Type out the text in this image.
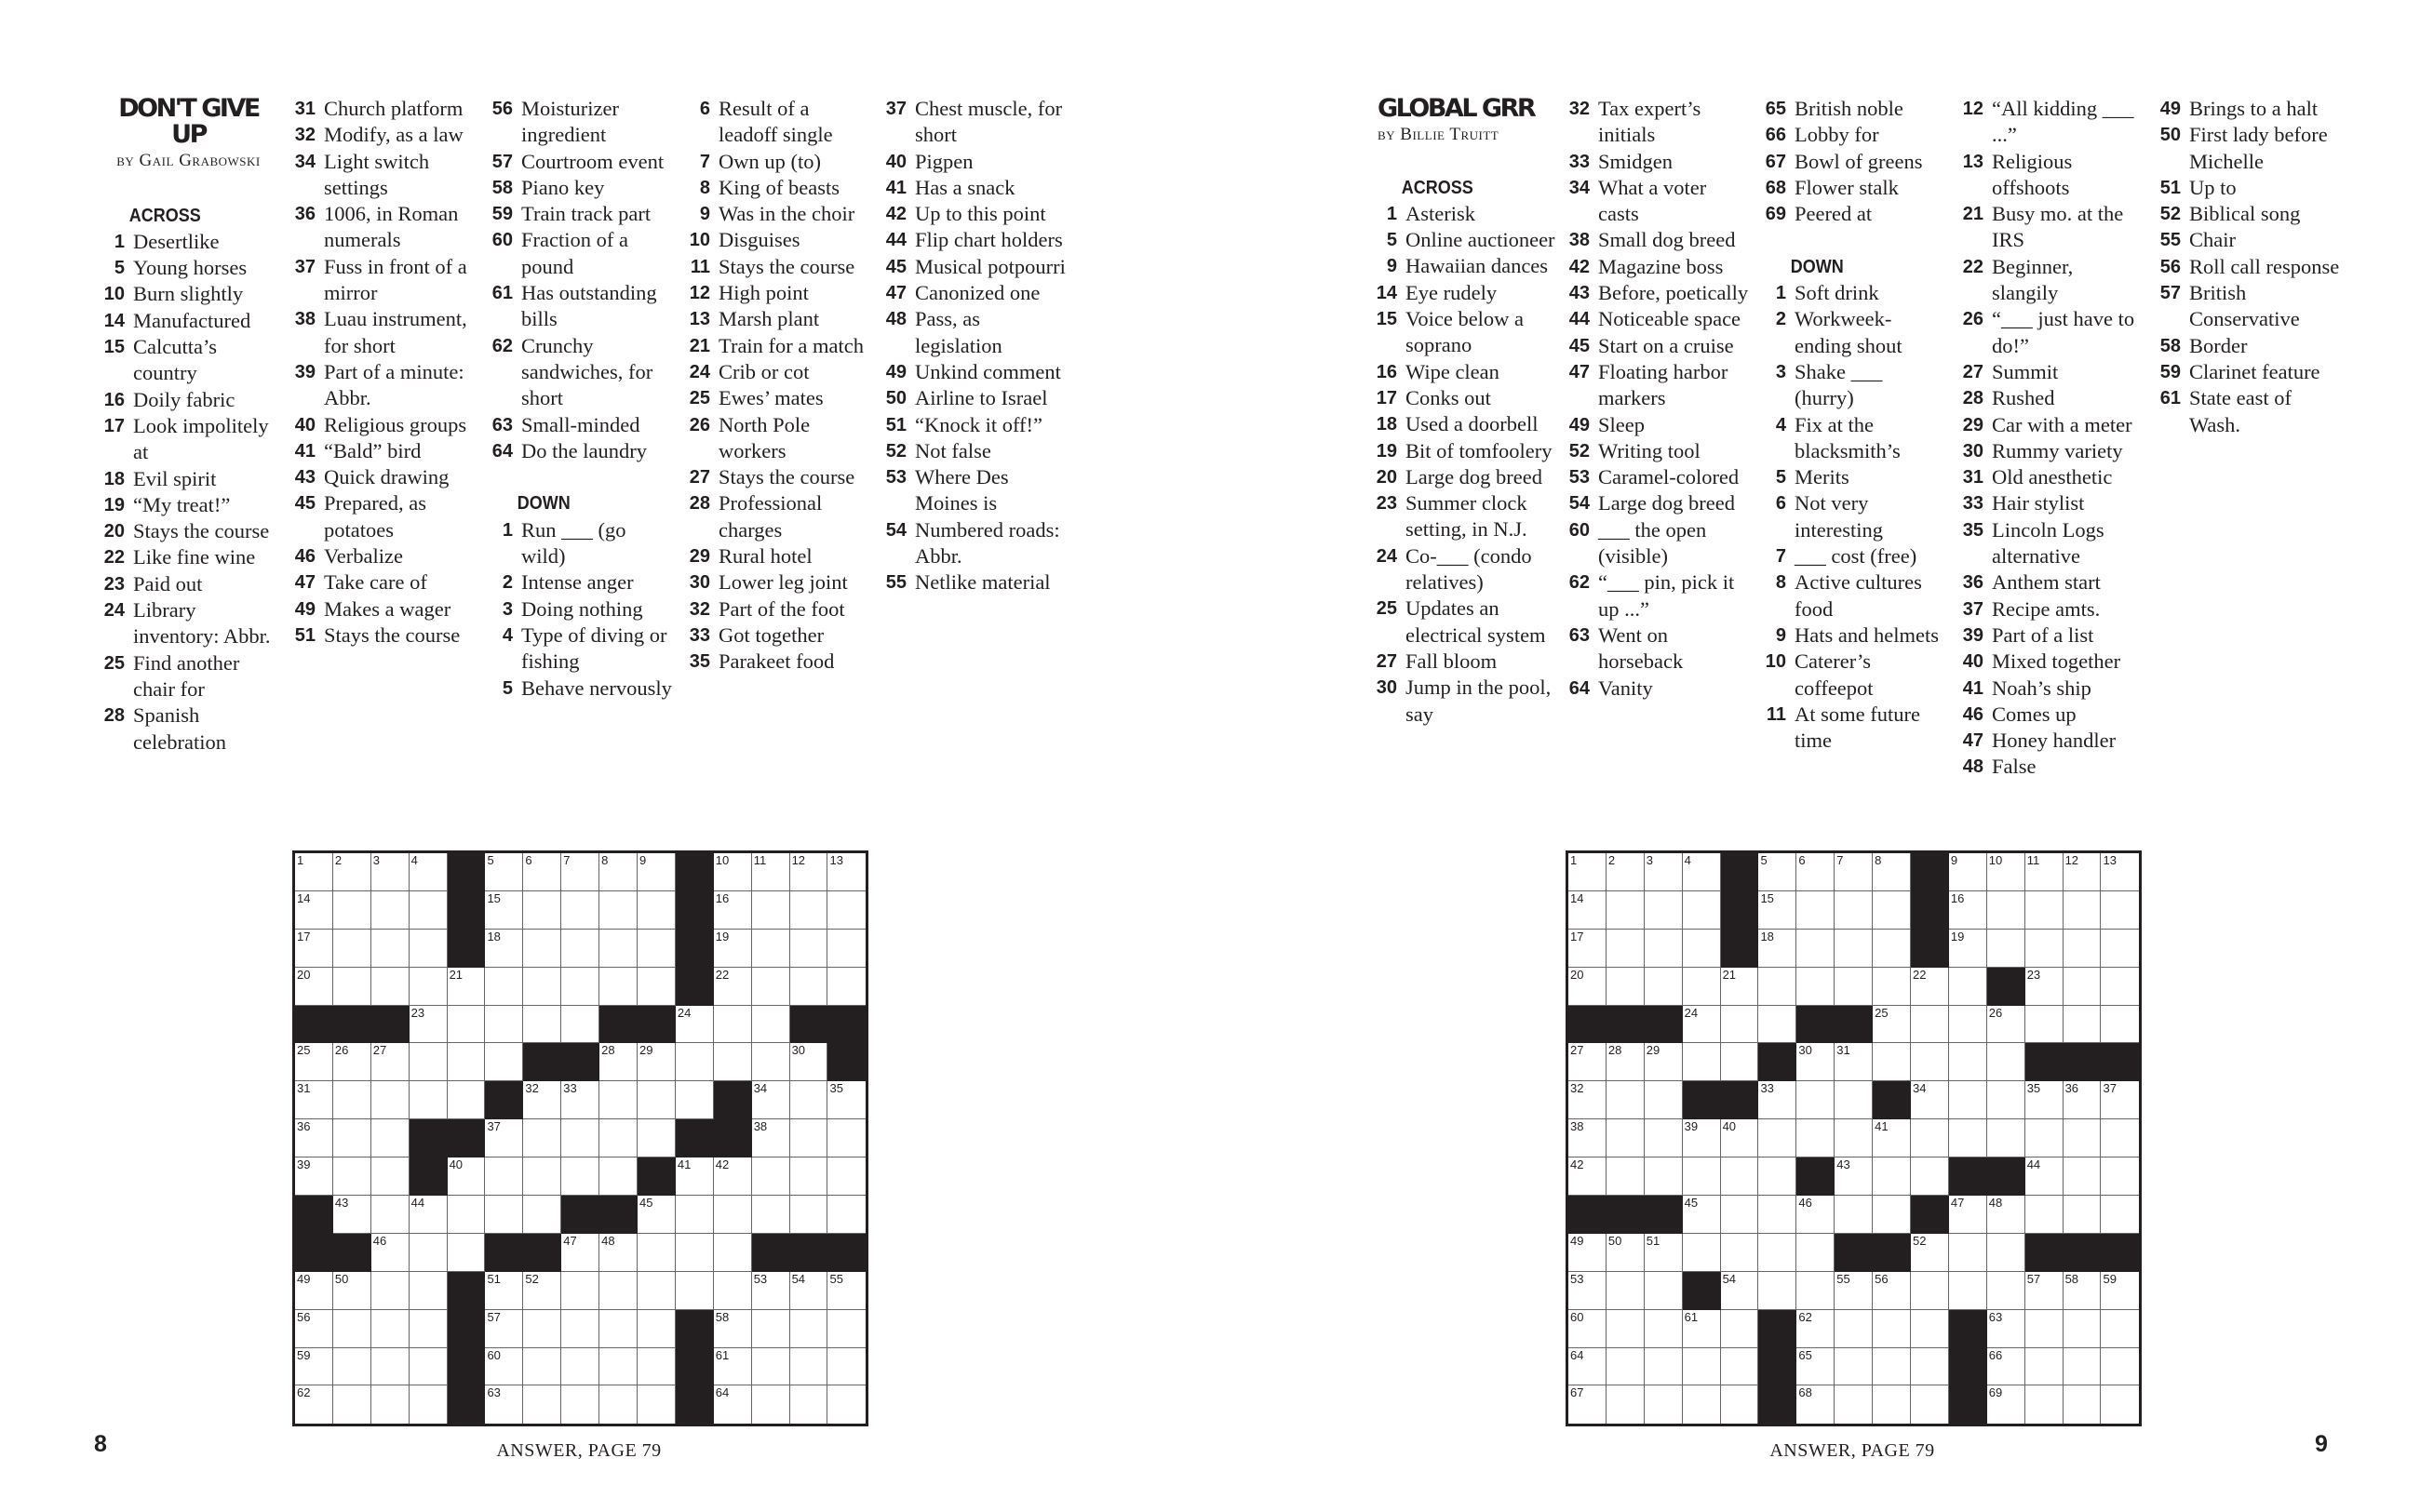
DON'T GIVE UP
by Gail Grabowski
ACROSS
1 Desertlike
5 Young horses
10 Burn slightly
14 Manufactured
15 Calcutta’s country
16 Doily fabric
17 Look impolitely at
18 Evil spirit
19 “My treat!”
20 Stays the course
22 Like fine wine
23 Paid out
24 Library inventory: Abbr.
25 Find another chair for
28 Spanish celebration
31 Church platform
32 Modify, as a law
34 Light switch settings
36 1006, in Roman numerals
37 Fuss in front of a mirror
38 Luau instrument, for short
39 Part of a minute: Abbr.
40 Religious groups
41 “Bald” bird
43 Quick drawing
45 Prepared, as potatoes
46 Verbalize
47 Take care of
49 Makes a wager
51 Stays the course
56 Moisturizer ingredient
57 Courtroom event
58 Piano key
59 Train track part
60 Fraction of a pound
61 Has outstanding bills
62 Crunchy sandwiches, for short
63 Small-minded
64 Do the laundry
DOWN
1 Run ___ (go wild)
2 Intense anger
3 Doing nothing
4 Type of diving or fishing
5 Behave nervously
6 Result of a leadoff single
7 Own up (to)
8 King of beasts
9 Was in the choir
10 Disguises
11 Stays the course
12 High point
13 Marsh plant
21 Train for a match
24 Crib or cot
25 Ewes’ mates
26 North Pole workers
27 Stays the course
28 Professional charges
29 Rural hotel
30 Lower leg joint
32 Part of the foot
33 Got together
35 Parakeet food
37 Chest muscle, for short
40 Pigpen
41 Has a snack
42 Up to this point
44 Flip chart holders
45 Musical potpourri
47 Canonized one
48 Pass, as legislation
49 Unkind comment
50 Airline to Israel
51 “Knock it off!”
52 Not false
53 Where Des Moines is
54 Numbered roads: Abbr.
55 Netlike material
1	2	3	4	5	6	7	8	9	10 11 12 13
14	15	16
17	18	19
20	21	22
23	24
25 26 27	28 29	30
31	32 33	34	35
36	37	38
39	40	41 42
43	44	45
46	47 48
49 50	51 52	53 54 55
56	57	58
59	60	61
62	63	64
8	ANSWER, PAGE 79
GLOBAL GRR
by Billie Truitt
ACROSS
1 Asterisk
5 Online auctioneer
9 Hawaiian dances
14 Eye rudely
15 Voice below a soprano
16 Wipe clean
17 Conks out
18 Used a doorbell
19 Bit of tomfoolery
20 Large dog breed
23 Summer clock setting, in N.J.
24 Co-___ (condo relatives)
25 Updates an electrical system
27 Fall bloom
30 Jump in the pool, say
32 Tax expert’s initials
33 Smidgen
34 What a voter casts
38 Small dog breed
42 Magazine boss
43 Before, poetically
44 Noticeable space
45 Start on a cruise
47 Floating harbor markers
49 Sleep
52 Writing tool
53 Caramel-colored
54 Large dog breed
60 ___ the open (visible)
62 “___ pin, pick it up ...”
63 Went on horseback
64 Vanity
65 British noble
66 Lobby for
67 Bowl of greens
68 Flower stalk
69 Peered at
DOWN
1 Soft drink
2 Workweek-ending shout
3 Shake ___ (hurry)
4 Fix at the blacksmith’s
5 Merits
6 Not very interesting
7 ___ cost (free)
8 Active cultures food
9 Hats and helmets
10 Caterer’s coffeepot
11 At some future time
12 “All kidding ___ ...”
13 Religious offshoots
21 Busy mo. at the IRS
22 Beginner, slangily
26 “___ just have to do!”
27 Summit
28 Rushed
29 Car with a meter
30 Rummy variety
31 Old anesthetic
33 Hair stylist
35 Lincoln Logs alternative
36 Anthem start
37 Recipe amts.
39 Part of a list
40 Mixed together
41 Noah’s ship
46 Comes up
47 Honey handler
48 False
49 Brings to a halt
50 First lady before Michelle
51 Up to
52 Biblical song
55 Chair
56 Roll call response
57 British Conservative
58 Border
59 Clarinet feature
61 State east of Wash.
1	2	3	4	5	6	7	8	9	10 11 12 13
14	15	16
17	18	19
20	21	22	23
24	25	26
27 28 29	30 31
32	33	34	35 36 37
38	39 40	41
42	43	44
45	46	47 48
49 50 51	52
53	54	55 56	57 58 59
60	61	62	63
64	65	66
67	68	69
9
ANSWER, PAGE 79
